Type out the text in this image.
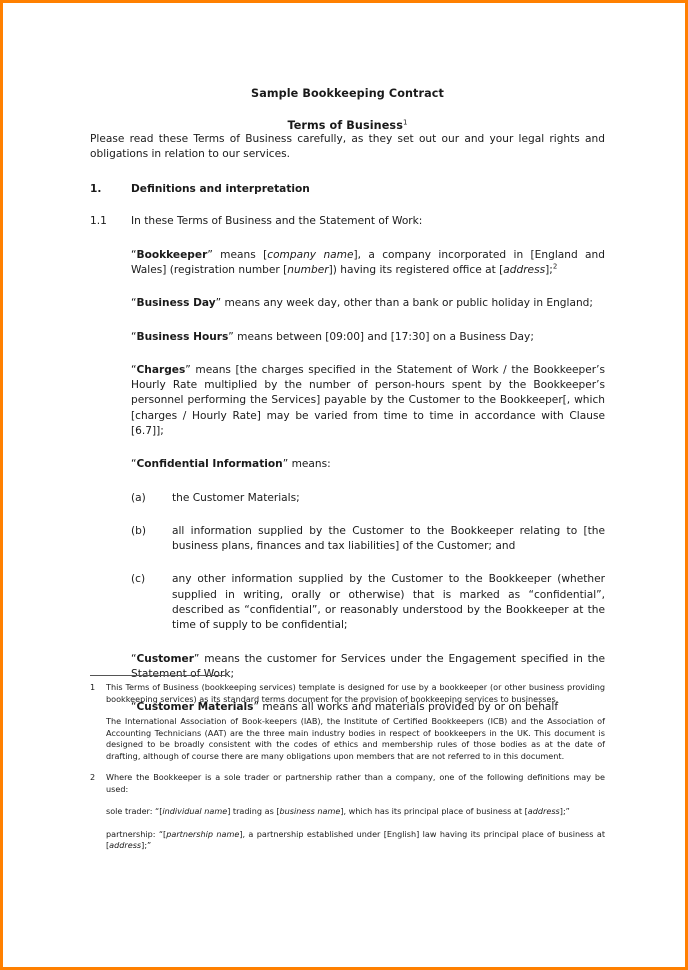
Sample Bookkeeping Contract
Terms of Business$^1$

Please read these Terms of Business carefully, as they set out our and your legal rights and obligations in relation to our services.

1.	Definitions and interpretation
1.1	In these Terms of Business and the Statement of Work:
“Bookkeeper” means [company name], a company incorporated in [England and Wales] (registration number [number]) having its registered office at [address];$^2$
“Business Day” means any week day, other than a bank or public holiday in England;
“Business Hours” means between [09:00] and [17:30] on a Business Day;
“Charges” means [the charges specified in the Statement of Work / the Bookkeeper’s Hourly Rate multiplied by the number of person-hours spent by the Bookkeeper’s personnel performing the Services] payable by the Customer to the Bookkeeper[, which [charges / Hourly Rate] may be varied from time to time in accordance with Clause [6.7]];
“Confidential Information” means:
(a)	the Customer Materials;
(b)	all information supplied by the Customer to the Bookkeeper relating to [the business plans, finances and tax liabilities] of the Customer; and
(c)	any other information supplied by the Customer to the Bookkeeper (whether supplied in writing, orally or otherwise) that is marked as “confidential”, described as “confidential”, or reasonably understood by the Bookkeeper at the time of supply to be confidential;
“Customer” means the customer for Services under the Engagement specified in the Statement of Work;
“Customer Materials” means all works and materials provided by or on behalf
1	This Terms of Business (bookkeeping services) template is designed for use by a bookkeeper (or other business providing bookkeeping services) as its standard terms document for the provision of bookkeeping services to businesses.

The International Association of Book-keepers (IAB), the Institute of Certified Bookkeepers (ICB) and the Association of Accounting Technicians (AAT) are the three main industry bodies in respect of bookkeepers in the UK. This document is designed to be broadly consistent with the codes of ethics and membership rules of those bodies as at the date of drafting, although of course there are many obligations upon members that are not referred to in this document.

2	Where the Bookkeeper is a sole trader or partnership rather than a company, one of the following definitions may be used:

sole trader: “[individual name] trading as [business name], which has its principal place of business at [address];”
partnership: “[partnership name], a partnership established under [English] law having its principal place of business at [address];”
